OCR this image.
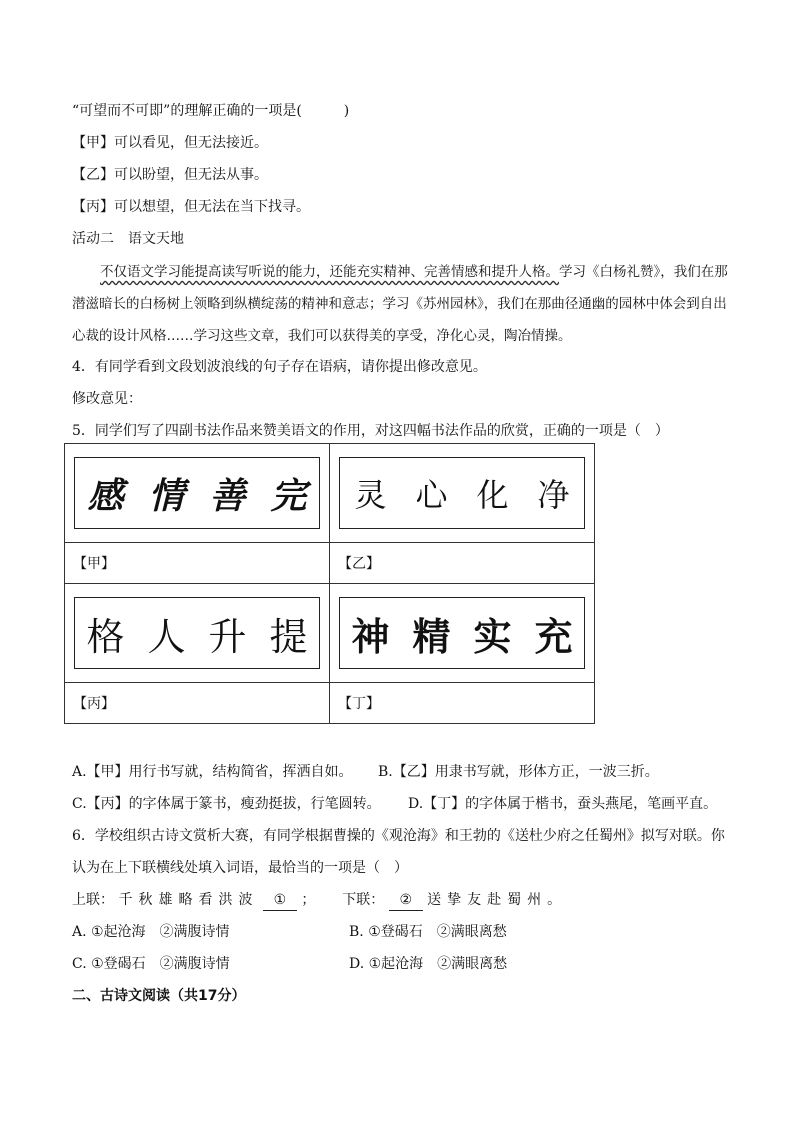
“可望而不可即”的理解正确的一项是(　　　)
【甲】可以看见，但无法接近。
【乙】可以盼望，但无法从事。
【丙】可以想望，但无法在当下找寻。
活动二　语文天地
不仅语文学习能提高读写听说的能力，还能充实精神、完善情感和提升人格。学习《白杨礼赞》，我们在那潜滋暗长的白杨树上领略到纵横绽荡的精神和意志；学习《苏州园林》，我们在那曲径通幽的园林中体会到自出心裁的设计风格……学习这些文章，我们可以获得美的享受，净化心灵，陶冶情操。
4．有同学看到文段划波浪线的句子存在语病，请你提出修改意见。
修改意见：
5．同学们写了四副书法作品来赞美语文的作用，对这四幅书法作品的欣赏，正确的一项是（　）
感 情 善 完	灵 心 化 净

【甲】	【乙】

格 人 升 提	神 精 实 充

【丙】	【丁】
A.【甲】用行书写就，结构简省，挥洒自如。 B.【乙】用隶书写就，形体方正，一波三折。
C.【丙】的字体属于篆书，瘦劲挺拔，行笔圆转。 D.【丁】的字体属于楷书，蚕头燕尾，笔画平直。
6．学校组织古诗文赏析大赛，有同学根据曹操的《观沧海》和王勃的《送杜少府之任蜀州》拟写对联。你
认为在上下联横线处填入词语，最恰当的一项是（　）
上联： 千秋雄略看洪波 ① ； 下联： ② 送挚友赴蜀州。
A. ①起沧海　②满腹诗情	B. ①登碣石　②满眼离愁
C. ①登碣石　②满腹诗情	D. ①起沧海　②满眼离愁
二、古诗文阅读（共17分）
